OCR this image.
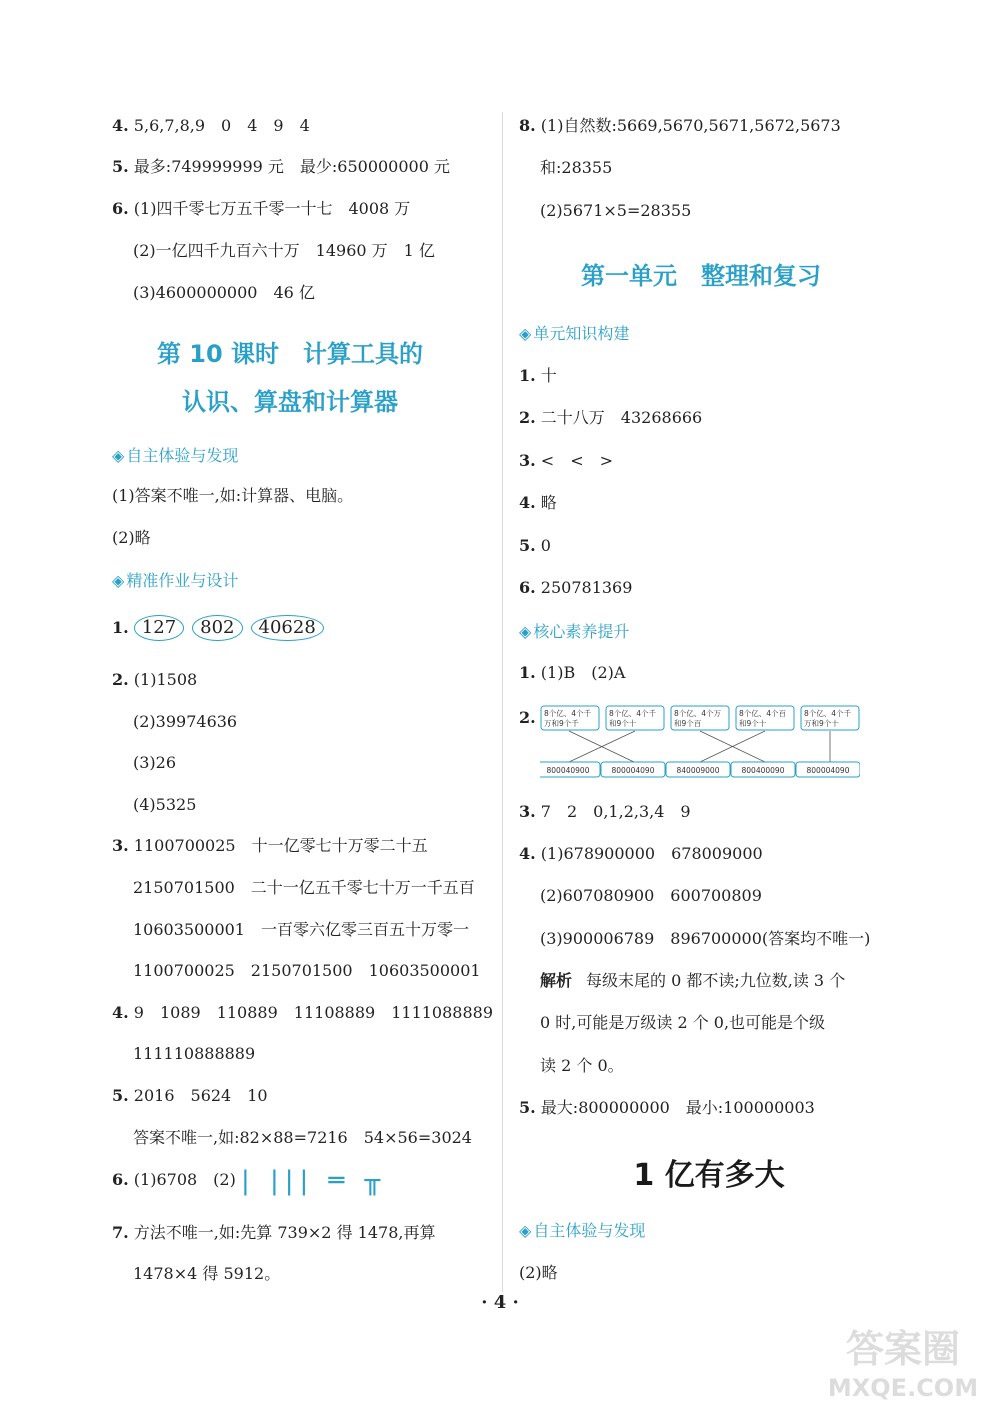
4. 5,6,7,8,9　0　4　9　4
5. 最多:749999999 元　最少:650000000 元
6. (1)四千零七万五千零一十七　4008 万
(2)一亿四千九百六十万　14960 万　1 亿
(3)4600000000　46 亿
第 10 课时　计算工具的
认识、算盘和计算器
◈ 自主体验与发现
(1)答案不唯一,如:计算器、电脑。
(2)略
◈ 精准作业与设计
1. 127 802 40628
2. (1)1508
(2)39974636
(3)26
(4)5325
3. 1100700025　十一亿零七十万零二十五
2150701500　二十一亿五千零七十万一千五百
10603500001　一百零六亿零三百五十万零一
1100700025　2150701500　10603500001
4. 9　1089　110889　11108889　1111088889
111110888889
5. 2016　5624　10
答案不唯一,如:82×88=7216　54×56=3024
6. (1)6708　(2) | ||| ═ ╥
7. 方法不唯一,如:先算 739×2 得 1478,再算
1478×4 得 5912。
8. (1)自然数:5669,5670,5671,5672,5673
和:28355
(2)5671×5=28355
第一单元　整理和复习
◈ 单元知识构建
1. 十
2. 二十八万　43268666
3. <　<　>
4. 略
5. 0
6. 250781369
◈ 核心素养提升
1. (1)B　(2)A
2. 8个亿、4个千
万和9个千
8个亿、4个千
和9个十
8个亿、4个万
和9个百
8个亿、4个百
和9个十
8个亿、4个千
万和9个十
800040900	800004090	840009000	800400090	800004090
3. 7　2　0,1,2,3,4　9
4. (1)678900000　678009000
(2)607080900　600700809
(3)900006789　896700000(答案均不唯一)
解析 每级末尾的 0 都不读;九位数,读 3 个
0 时,可能是万级读 2 个 0,也可能是个级
读 2 个 0。
5. 最大:800000000　最小:100000003
1 亿有多大
◈ 自主体验与发现
(2)略
· 4 ·
答案圈
MXQE.COM
